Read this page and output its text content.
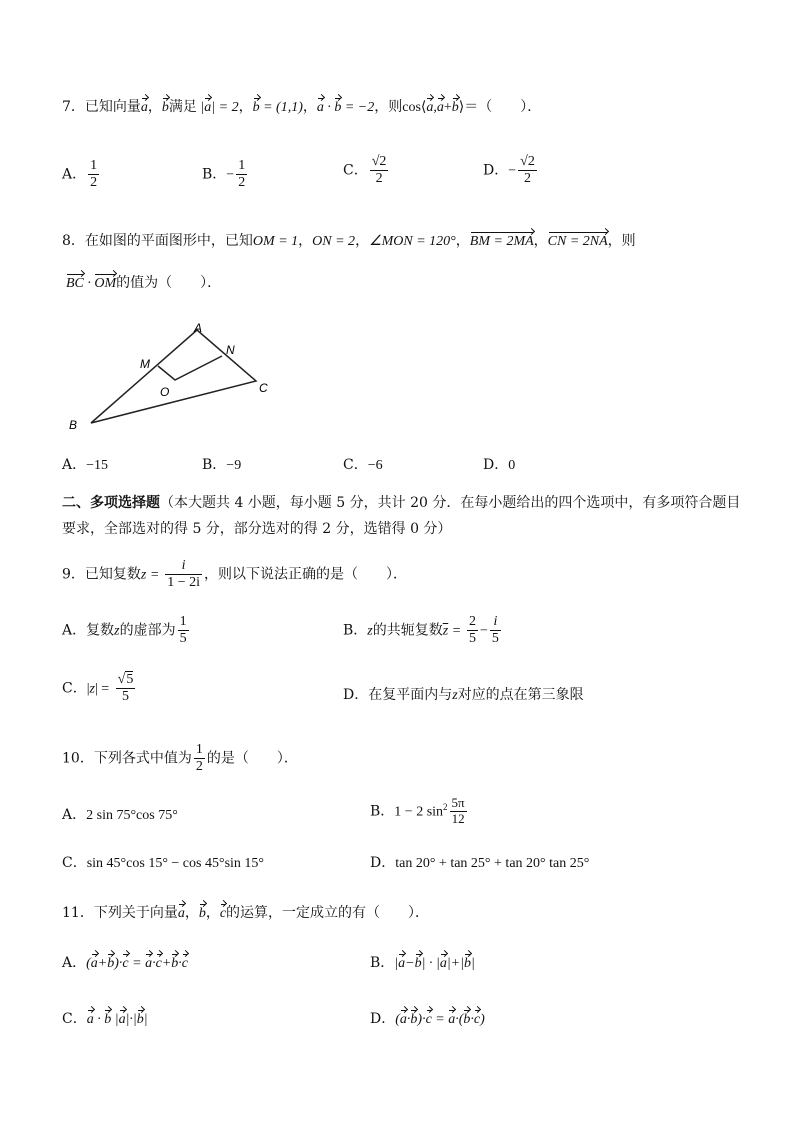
7．已知向量a，b满足 |a| = 2，b = (1,1)，a · b = −2，则cos⟨a,a+b⟩＝（　　）．
A． $\frac{1}{2}$	B．− $\frac{1}{2}$	C． $\frac{√2}{2}$	D．− $\frac{√2}{2}$
8．在如图的平面图形中，已知OM = 1，ON = 2，∠MON = 120°，BM = 2MA，CN = 2NA，则
BC · OM的值为（　　）．
A
M
N
O	C
B
A．−15	B．−9	C．−6	D．0
二、多项选择题（本大题共 4 小题，每小题 5 分，共计 20 分．在每小题给出的四个选项中，有多项符合题目
要求，全部选对的得 5 分，部分选对的得 2 分，选错得 0 分）
9．已知复数$z = \frac{i}{1 - 2i}$ ，则以下说法正确的是（　　）．
A．复数z的虚部为 $\frac{1}{5}$	B．z的共轭复数$\overline{z} = \frac{2}{5} - \frac{i}{5}$
C．$|z| = \frac{√5}{5}$	D．在复平面内与z对应的点在第三象限
10．下列各式中值为 $\frac{1}{2}$ 的是（　　）．
A．2 sin 75°cos 75°	B．1 − 2 $\sin^2 \frac{5\pi}{12}$
C．sin 45°cos 15° − cos 45°sin 15°	D．tan 20° + tan 25° + tan 20° tan 25°
11．下列关于向量a，b，c的运算，一定成立的有（　　）．
A．(a+b)·c = a·c+b·c	B．|a−b| · |a|+|b|
C．a · b |a|·|b|	D．(a·b)·c = a·(b·c)
